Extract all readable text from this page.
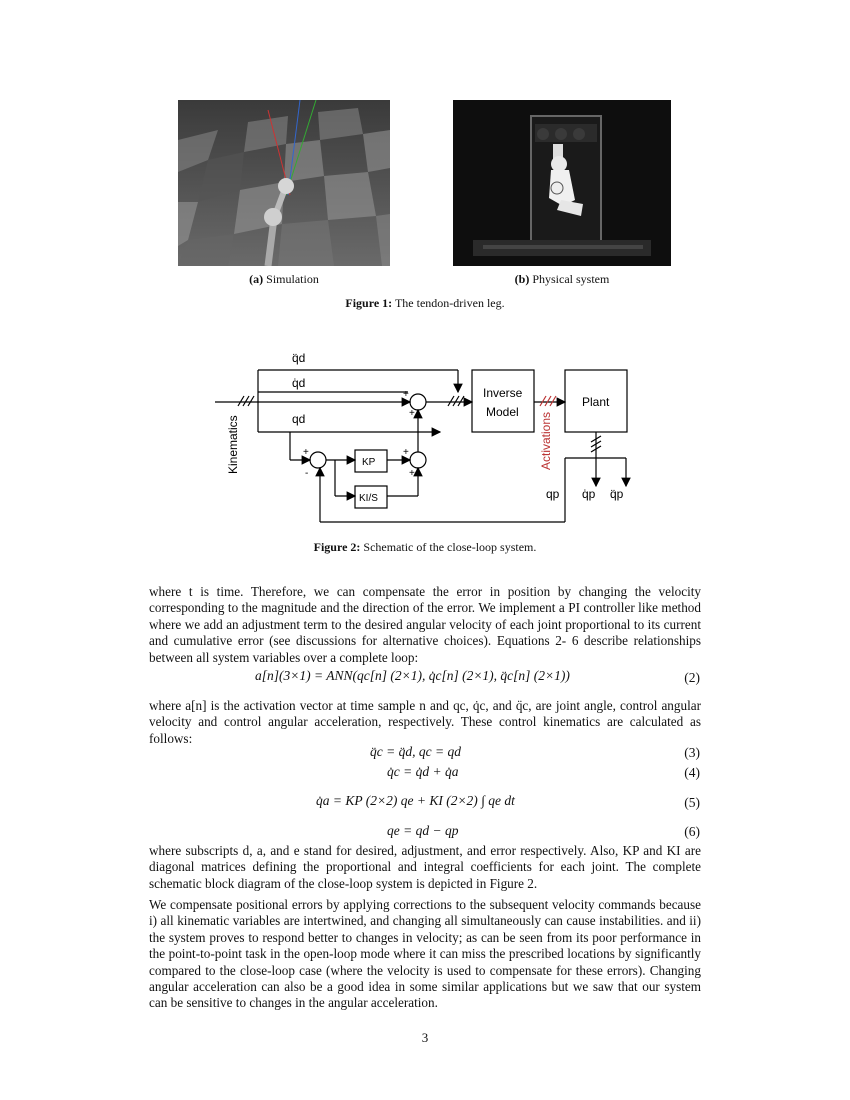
(a) Simulation	(b) Physical system
Figure 1: The tendon-driven leg.
+
+
+
-
+
+
q̈d
q̇d
qd
Inverse
Model
Plant
KP
KI/S
Kinematics	Activations
qp q̇p q̈p
Figure 2: Schematic of the close-loop system.
where t is time. Therefore, we can compensate the error in position by changing the velocity corresponding to the magnitude and the direction of the error. We implement a PI controller like method where we add an adjustment term to the desired angular velocity of each joint proportional to its current and cumulative error (see discussions for alternative choices). Equations 2- 6 describe relationships between all system variables over a complete loop:
a[n](3×1) = ANN(qc[n] (2×1), q̇c[n] (2×1), q̈c[n] (2×1))	(2)
where a[n] is the activation vector at time sample n and qc, q̇c, and q̈c, are joint angle, control angular velocity and control angular acceleration, respectively. These control kinematics are calculated as follows:
q̈c = q̈d, qc = qd	(3)
q̇c = q̇d + q̇a	(4)
q̇a = KP (2×2) qe + KI (2×2) ∫ qe dt	(5)
qe = qd − qp	(6)
where subscripts d, a, and e stand for desired, adjustment, and error respectively. Also, KP and KI are diagonal matrices defining the proportional and integral coefficients for each joint. The complete schematic block diagram of the close-loop system is depicted in Figure 2.
We compensate positional errors by applying corrections to the subsequent velocity commands because i) all kinematic variables are intertwined, and changing all simultaneously can cause instabilities. and ii) the system proves to respond better to changes in velocity; as can be seen from its poor performance in the point-to-point task in the open-loop mode where it can miss the prescribed locations by significantly compared to the close-loop case (where the velocity is used to compensate for these errors). Changing angular acceleration can also be a good idea in some similar applications but we saw that our system can be sensitive to changes in the angular acceleration.
3
